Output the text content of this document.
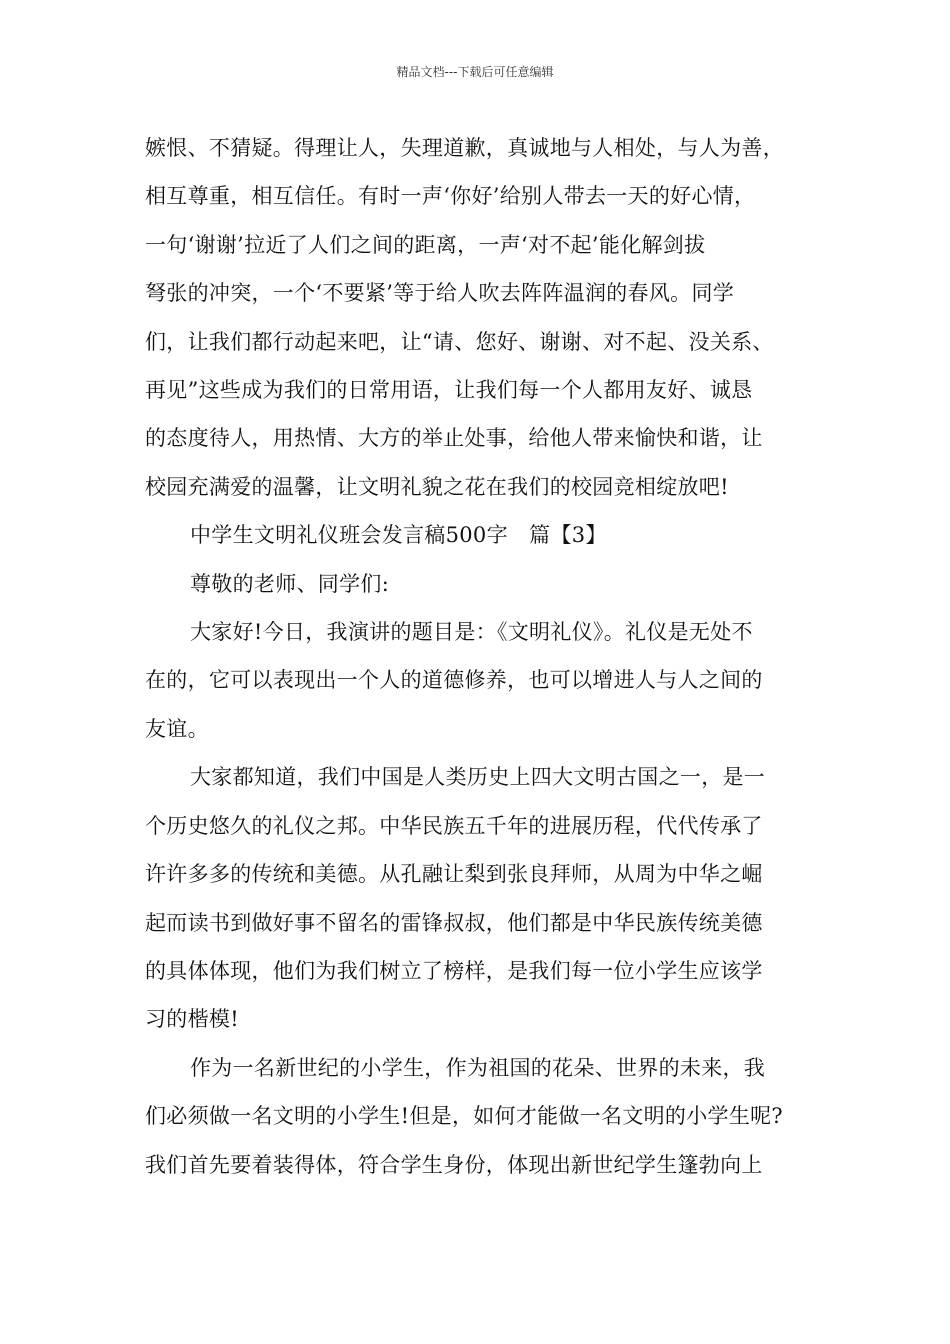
精品文档---下载后可任意编辑

嫉恨、不猜疑。得理让人，失理道歉，真诚地与人相处，与人为善，
相互尊重，相互信任。有时一声‘你好’给别人带去一天的好心情，
一句‘谢谢’拉近了人们之间的距离，一声‘对不起’能化解剑拔
弩张的冲突，一个‘不要紧’等于给人吹去阵阵温润的春风。同学
们，让我们都行动起来吧，让“请、您好、谢谢、对不起、没关系、
再见”这些成为我们的日常用语，让我们每一个人都用友好、诚恳
的态度待人，用热情、大方的举止处事，给他人带来愉快和谐，让
校园充满爱的温馨，让文明礼貌之花在我们的校园竞相绽放吧!

中学生文明礼仪班会发言稿500字　篇【3】

尊敬的老师、同学们:

大家好!今日，我演讲的题目是：《文明礼仪》。礼仪是无处不
在的，它可以表现出一个人的道德修养，也可以增进人与人之间的
友谊。

大家都知道，我们中国是人类历史上四大文明古国之一，是一
个历史悠久的礼仪之邦。中华民族五千年的进展历程，代代传承了
许许多多的传统和美德。从孔融让梨到张良拜师，从周为中华之崛
起而读书到做好事不留名的雷锋叔叔，他们都是中华民族传统美德
的具体体现，他们为我们树立了榜样，是我们每一位小学生应该学
习的楷模!

作为一名新世纪的小学生，作为祖国的花朵、世界的未来，我
们必须做一名文明的小学生!但是，如何才能做一名文明的小学生呢?
我们首先要着装得体，符合学生身份，体现出新世纪学生篷勃向上
